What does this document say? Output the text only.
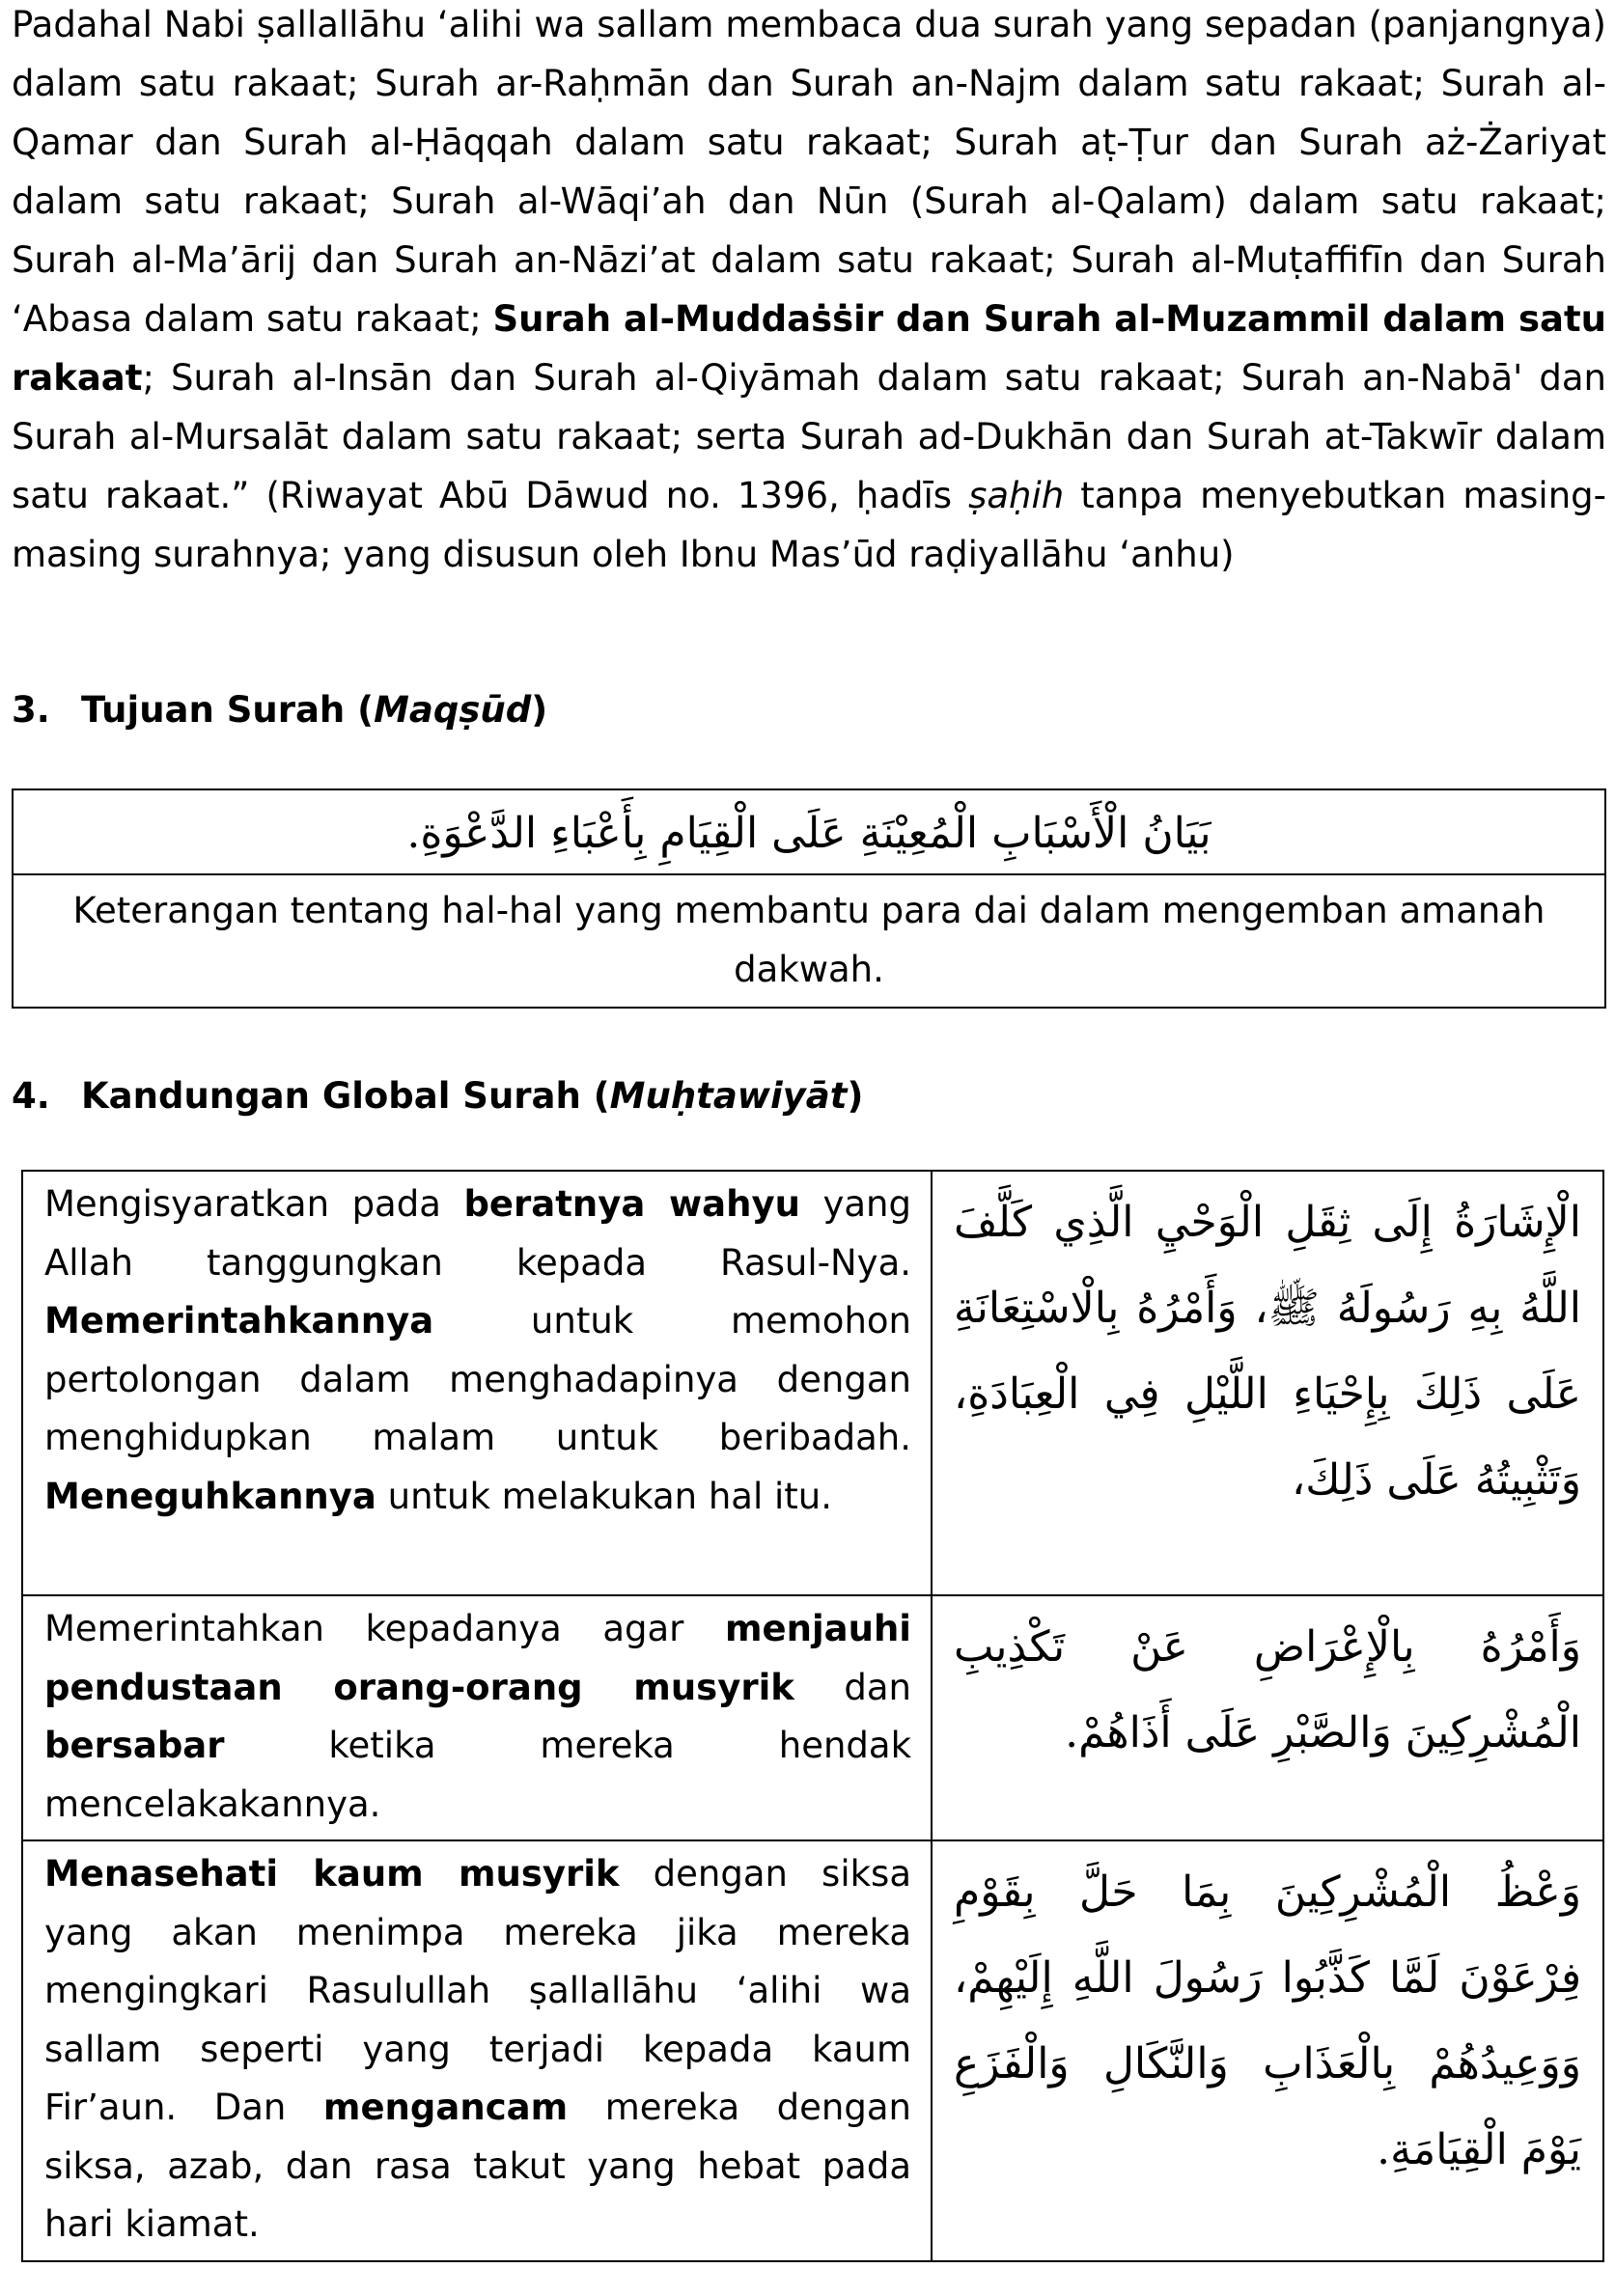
Padahal Nabi ṣallallāhu ‘alihi wa sallam membaca dua surah yang sepadan (panjangnya) dalam satu rakaat; Surah ar-Raḥmān dan Surah an-Najm dalam satu rakaat; Surah al-Qamar dan Surah al-Ḥāqqah dalam satu rakaat; Surah aṭ-Ṭur dan Surah aż-Żariyat dalam satu rakaat; Surah al-Wāqi’ah dan Nūn (Surah al-Qalam) dalam satu rakaat; Surah al-Ma’ārij dan Surah an-Nāzi’at dalam satu rakaat; Surah al-Muṭaffifīn dan Surah ‘Abasa dalam satu rakaat; Surah al-Muddaṡṡir dan Surah al-Muzammil dalam satu rakaat; Surah al-Insān dan Surah al-Qiyāmah dalam satu rakaat; Surah an-Nabā' dan Surah al-Mursalāt dalam satu rakaat; serta Surah ad-Dukhān dan Surah at-Takwīr dalam satu rakaat.” (Riwayat Abū Dāwud no. 1396, ḥadīs ṣaḥih tanpa menyebutkan masing-masing surahnya; yang disusun oleh Ibnu Mas’ūd raḍiyallāhu ‘anhu)

3. Tujuan Surah (Maqṣūd)
بَيَانُ الْأَسْبَابِ الْمُعِيْنَةِ عَلَى الْقِيَامِ بِأَعْبَاءِ الدَّعْوَةِ.
Keterangan tentang hal-hal yang membantu para dai dalam mengemban amanah dakwah.
4. Kandungan Global Surah (Muḥtawiyāt)
Mengisyaratkan pada beratnya wahyu yang Allah tanggungkan kepada Rasul-Nya. Memerintahkannya untuk memohon pertolongan dalam menghadapinya dengan menghidupkan malam untuk beribadah. Meneguhkannya untuk melakukan hal itu.	الْإِشَارَةُ إِلَى ثِقَلِ الْوَحْيِ الَّذِي كَلَّفَ اللَّهُ بِهِ رَسُولَهُ ﷺ، وَأَمْرُهُ بِالْاسْتِعَانَةِ عَلَى ذَلِكَ بِإِحْيَاءِ اللَّيْلِ فِي الْعِبَادَةِ، وَتَثْبِيتُهُ عَلَى ذَلِكَ،
Memerintahkan kepadanya agar menjauhi pendustaan orang-orang musyrik dan bersabar ketika mereka hendak mencelakakannya.	وَأَمْرُهُ بِالْإِعْرَاضِ عَنْ تَكْذِيبِ الْمُشْرِكِينَ وَالصَّبْرِ عَلَى أَذَاهُمْ.
Menasehati kaum musyrik dengan siksa yang akan menimpa mereka jika mereka mengingkari Rasulullah ṣallallāhu ‘alihi wa sallam seperti yang terjadi kepada kaum Fir’aun. Dan mengancam mereka dengan siksa, azab, dan rasa takut yang hebat pada hari kiamat.	وَعْظُ الْمُشْرِكِينَ بِمَا حَلَّ بِقَوْمِ فِرْعَوْنَ لَمَّا كَذَّبُوا رَسُولَ اللَّهِ إِلَيْهِمْ، وَوَعِيدُهُمْ بِالْعَذَابِ وَالنَّكَالِ وَالْفَزَعِ يَوْمَ الْقِيَامَةِ.
